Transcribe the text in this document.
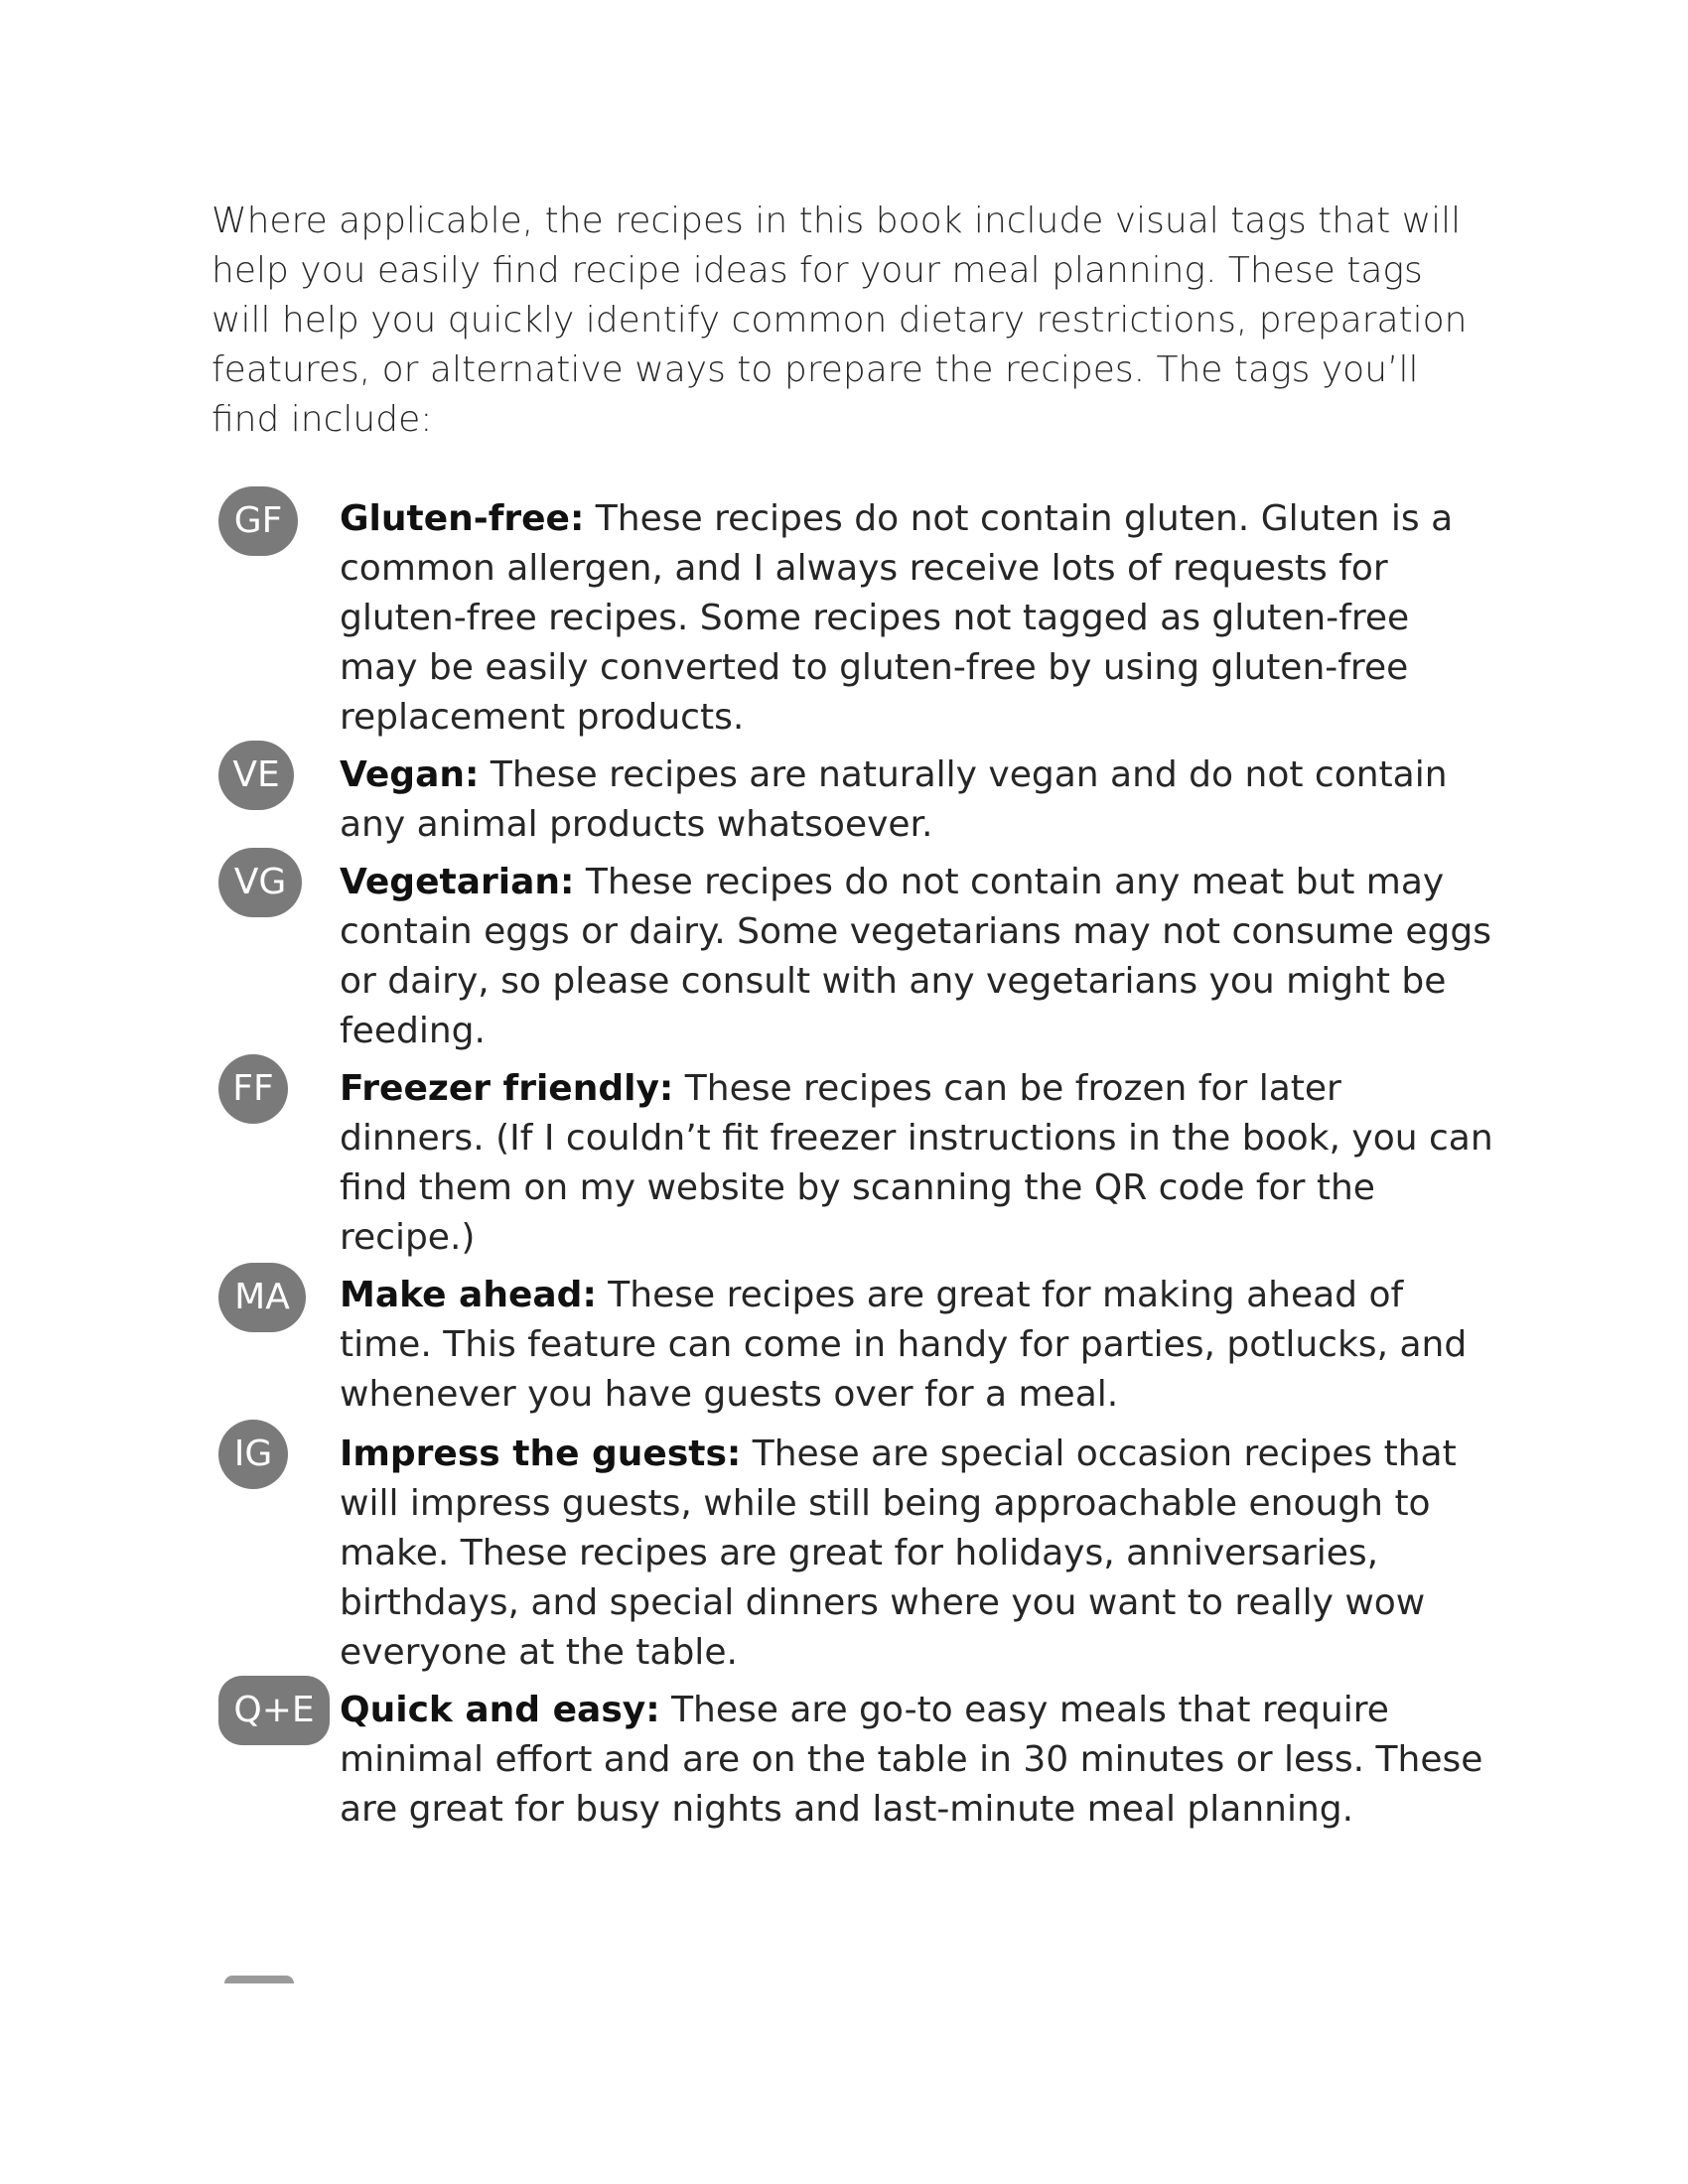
Where applicable, the recipes in this book include visual tags that will help you easily find recipe ideas for your meal planning. These tags will help you quickly identify common dietary restrictions, preparation features, or alternative ways to prepare the recipes. The tags you’ll find include:

GF	Gluten-free: These recipes do not contain gluten. Gluten is a common allergen, and I always receive lots of requests for gluten-free recipes. Some recipes not tagged as gluten-free may be easily converted to gluten-free by using gluten-free replacement products.

VE	Vegan: These recipes are naturally vegan and do not contain any animal products whatsoever.

VG	Vegetarian: These recipes do not contain any meat but may contain eggs or dairy. Some vegetarians may not consume eggs or dairy, so please consult with any vegetarians you might be feeding.

FF	Freezer friendly: These recipes can be frozen for later dinners. (If I couldn’t fit freezer instructions in the book, you can find them on my website by scanning the QR code for the recipe.)

MA	Make ahead: These recipes are great for making ahead of time. This feature can come in handy for parties, potlucks, and whenever you have guests over for a meal.

IG	Impress the guests: These are special occasion recipes that will impress guests, while still being approachable enough to make. These recipes are great for holidays, anniversaries, birthdays, and special dinners where you want to really wow everyone at the table.

Q+E Quick and easy: These are go-to easy meals that require minimal effort and are on the table in 30 minutes or less. These are great for busy nights and last-minute meal planning.
